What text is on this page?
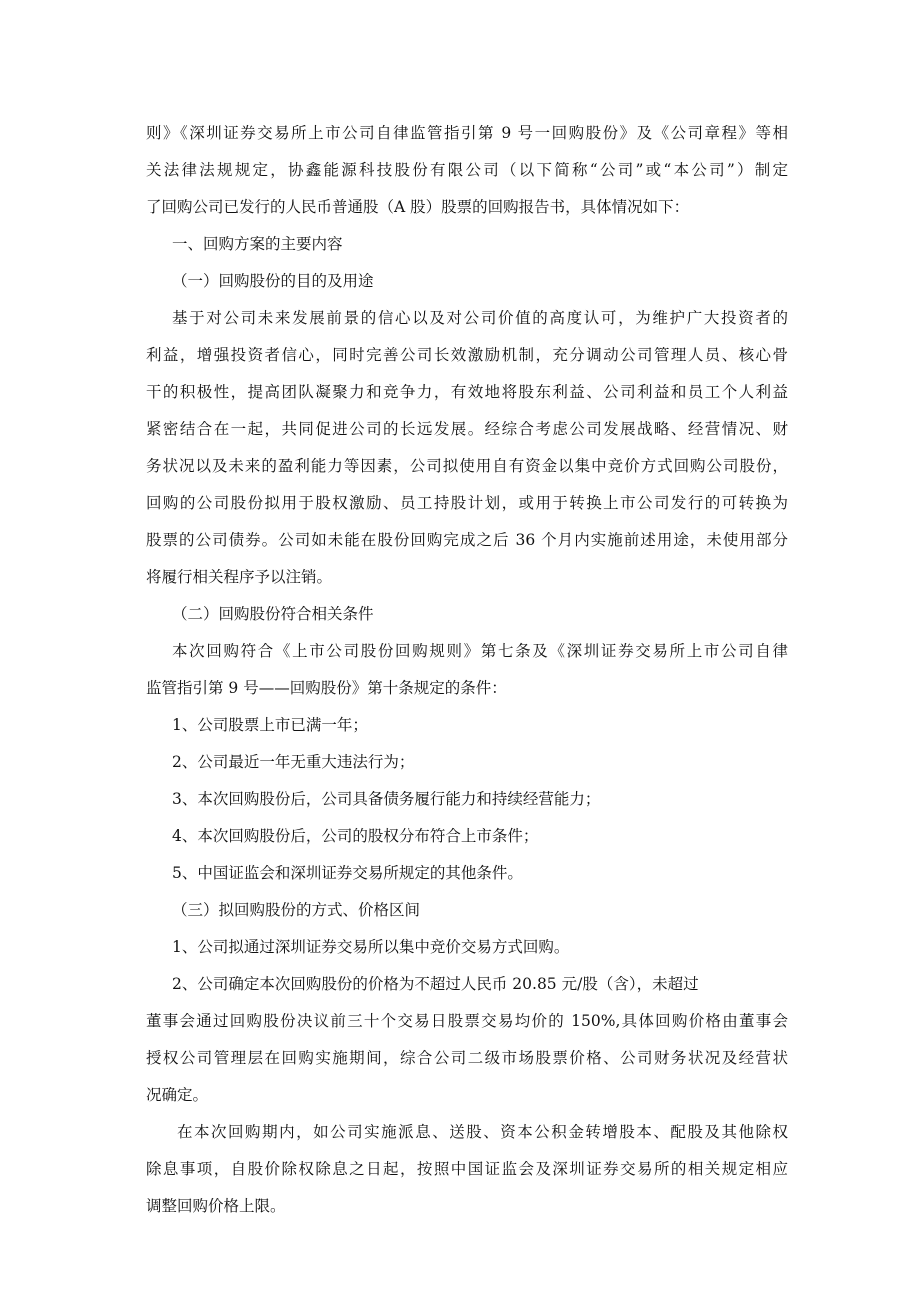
则》《深圳证券交易所上市公司自律监管指引第 9 号一回购股份》及《公司章程》等相

关法律法规规定，协鑫能源科技股份有限公司（以下简称“公司”或“本公司”）制定

了回购公司已发行的人民币普通股（A 股）股票的回购报告书，具体情况如下：

一、回购方案的主要内容

（一）回购股份的目的及用途

基于对公司未来发展前景的信心以及对公司价值的高度认可，为维护广大投资者的

利益，增强投资者信心，同时完善公司长效激励机制，充分调动公司管理人员、核心骨

干的积极性，提高团队凝聚力和竞争力，有效地将股东利益、公司利益和员工个人利益

紧密结合在一起，共同促进公司的长远发展。经综合考虑公司发展战略、经营情况、财

务状况以及未来的盈利能力等因素，公司拟使用自有资金以集中竞价方式回购公司股份，

回购的公司股份拟用于股权激励、员工持股计划，或用于转换上市公司发行的可转换为

股票的公司债券。公司如未能在股份回购完成之后 36 个月内实施前述用途，未使用部分

将履行相关程序予以注销。

（二）回购股份符合相关条件

本次回购符合《上市公司股份回购规则》第七条及《深圳证券交易所上市公司自律

监管指引第 9 号——回购股份》第十条规定的条件：

1、公司股票上市已满一年；

2、公司最近一年无重大违法行为；

3、本次回购股份后，公司具备债务履行能力和持续经营能力；

4、本次回购股份后，公司的股权分布符合上市条件；

5、中国证监会和深圳证券交易所规定的其他条件。

（三）拟回购股份的方式、价格区间

1、公司拟通过深圳证券交易所以集中竞价交易方式回购。

2、公司确定本次回购股份的价格为不超过人民币 20.85 元/股（含），未超过

董事会通过回购股份决议前三十个交易日股票交易均价的 150%,具体回购价格由董事会

授权公司管理层在回购实施期间，综合公司二级市场股票价格、公司财务状况及经营状

况确定。

在本次回购期内，如公司实施派息、送股、资本公积金转增股本、配股及其他除权

除息事项，自股价除权除息之日起，按照中国证监会及深圳证券交易所的相关规定相应

调整回购价格上限。
